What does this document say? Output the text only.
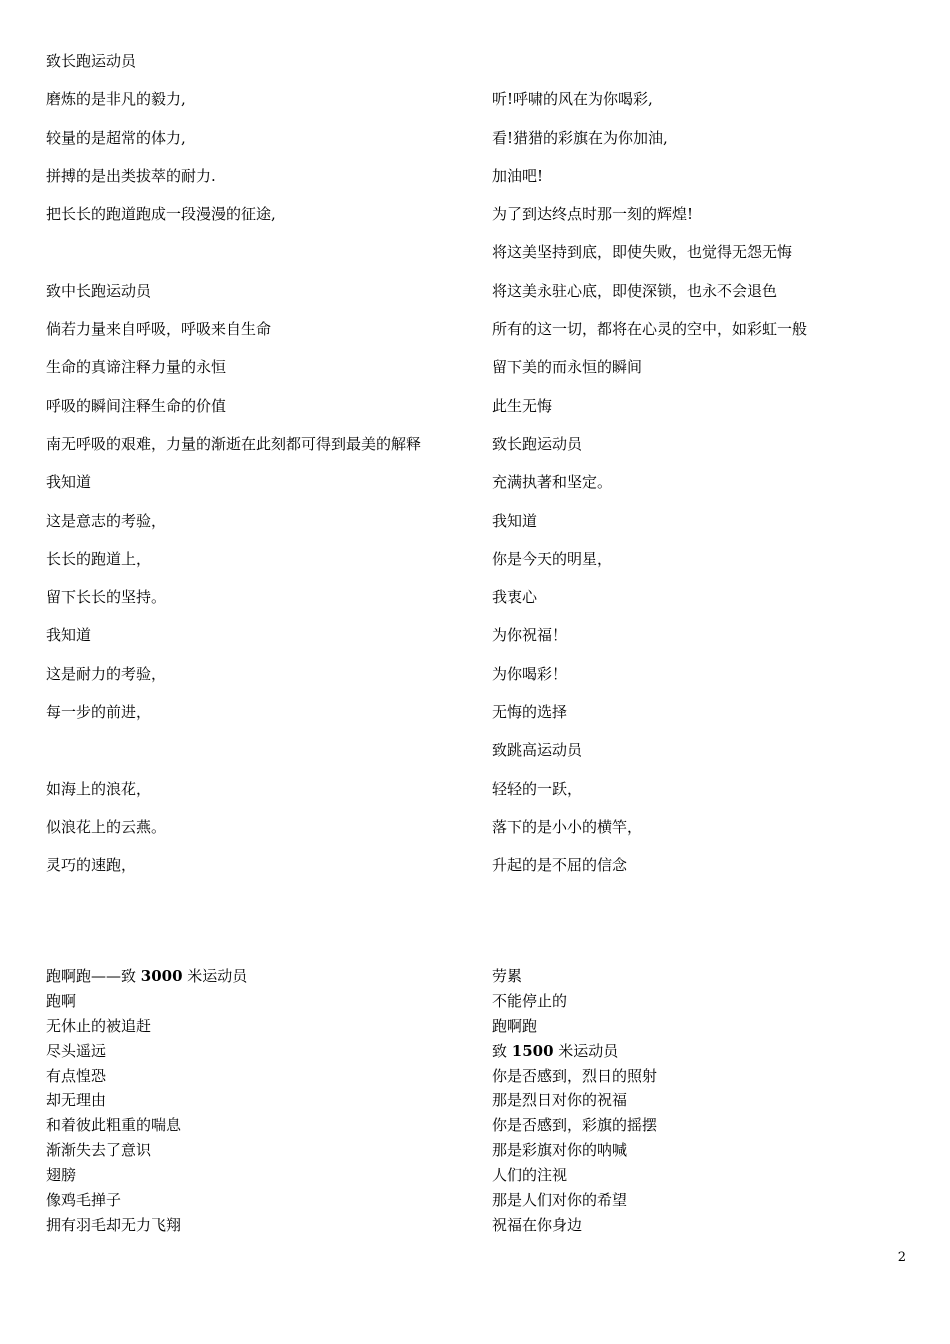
致长跑运动员
磨炼的是非凡的毅力,
较量的是超常的体力,
拼搏的是出类拔萃的耐力.
把长长的跑道跑成一段漫漫的征途,
致中长跑运动员
倘若力量来自呼吸，呼吸来自生命
生命的真谛注释力量的永恒
呼吸的瞬间注释生命的价值
南无呼吸的艰难，力量的渐逝在此刻都可得到最美的解释
我知道
这是意志的考验，
长长的跑道上，
留下长长的坚持。
我知道
这是耐力的考验，
每一步的前进，
如海上的浪花，
似浪花上的云燕。
灵巧的速跑，
听!呼啸的风在为你喝彩,
看!猎猎的彩旗在为你加油,
加油吧!
为了到达终点时那一刻的辉煌!
将这美坚持到底，即使失败，也觉得无怨无悔
将这美永驻心底，即使深锁，也永不会退色
所有的这一切，都将在心灵的空中，如彩虹一般
留下美的而永恒的瞬间
此生无悔
致长跑运动员
充满执著和坚定。
我知道
你是今天的明星，
我衷心
为你祝福！
为你喝彩！
无悔的选择
致跳高运动员
轻轻的一跃，
落下的是小小的横竿，
升起的是不屈的信念
跑啊跑——致 3000 米运动员
跑啊
无休止的被追赶
尽头遥远
有点惶恐
却无理由
和着彼此粗重的喘息
渐渐失去了意识
翅膀
像鸡毛掸子
拥有羽毛却无力飞翔
劳累
不能停止的
跑啊跑
致 1500 米运动员
你是否感到，烈日的照射
那是烈日对你的祝福
你是否感到，彩旗的摇摆
那是彩旗对你的呐喊
人们的注视
那是人们对你的希望
祝福在你身边
2
